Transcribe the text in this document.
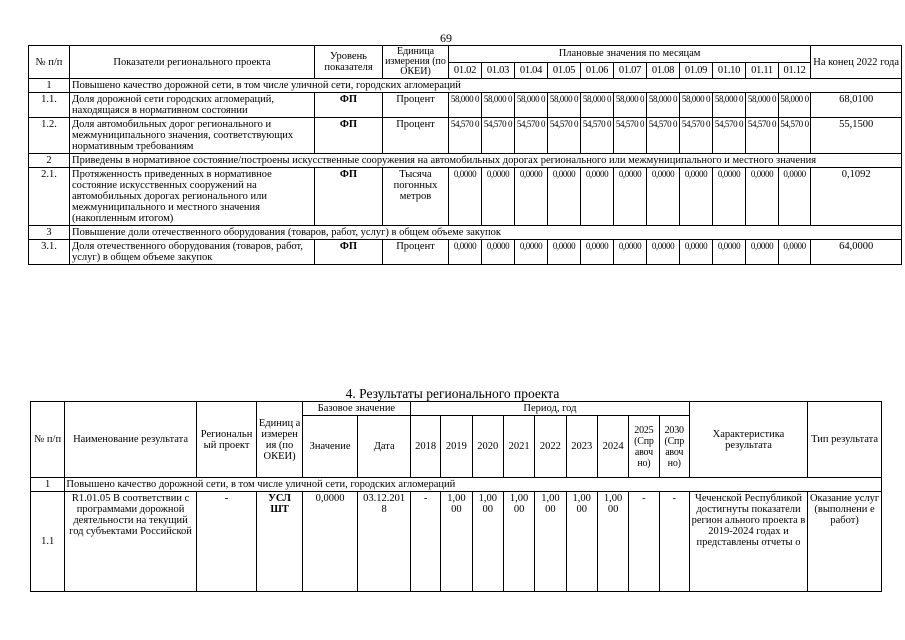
69
№ п/п	Показатели регионального проекта	Уровень показателя	Единица измерения (по ОКЕИ)	Плановые значения по месяцам											На конец 2022 года
				01.02	01.03	01.04	01.05	01.06	01.07	01.08	01.09	01.10	01.11	01.12	
1	Повышено качество дорожной сети, в том числе уличной сети, городских агломераций														
1.1.	Доля дорожной сети городских агломераций, находящаяся в нормативном состоянии	ФП	Процент	58,000 0	58,000 0	58,000 0	58,000 0	58,000 0	58,000 0	58,000 0	58,000 0	58,000 0	58,000 0	58,000 0	68,0100
1.2.	Доля автомобильных дорог регионального и межмуниципального значения, соответствующих нормативным требованиям	ФП	Процент	54,570 0	54,570 0	54,570 0	54,570 0	54,570 0	54,570 0	54,570 0	54,570 0	54,570 0	54,570 0	54,570 0	55,1500
2	Приведены в нормативное состояние/построены искусственные сооружения на автомобильных дорогах регионального или межмуниципального и местного значения														
2.1.	Протяженность приведенных в нормативное состояние искусственных сооружений на автомобильных дорогах регионального или межмуниципального и местного значения (накопленным итогом)	ФП	Тысяча погонных метров	0,0000	0,0000	0,0000	0,0000	0,0000	0,0000	0,0000	0,0000	0,0000	0,0000	0,0000	0,1092
3	Повышение доли отечественного оборудования (товаров, работ, услуг) в общем объеме закупок														
3.1.	Доля отечественного оборудования (товаров, работ, услуг) в общем объеме закупок	ФП	Процент	0,0000	0,0000	0,0000	0,0000	0,0000	0,0000	0,0000	0,0000	0,0000	0,0000	0,0000	64,0000
4. Результаты регионального проекта
№ п/п	Наименование результата	Региональн ый проект	Единиц а измерен ия (по ОКЕИ)	Базовое значение		Период, год									Характеристика результата	Тип результата
				Значение	Дата	2018	2019	2020	2021	2022	2023	2024	2025 (Спр авоч но)	2030 (Спр авоч но)		
1	Повышено качество дорожной сети, в том числе уличной сети, городских агломераций															
1.1	R1.01.05 В соответствии с программами дорожной деятельности на текущий год субъектами Российской	-	УСЛ ШТ	0,0000	03.12.201 8	-	1,00 00	1,00 00	1,00 00	1,00 00	1,00 00	1,00 00	-	-	Чеченской Республикой достигнуты показатели регион ального проекта в 2019-2024 годах и представлены отчеты о	Оказание услуг (выполнени е работ)
